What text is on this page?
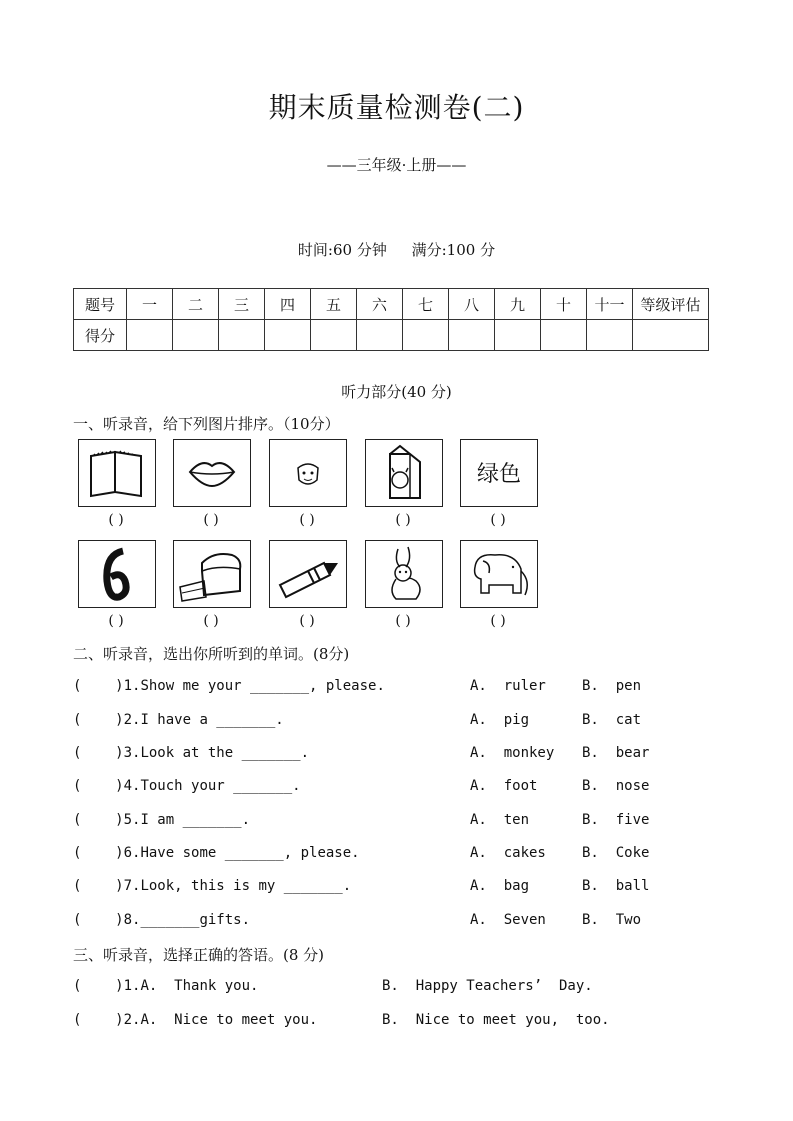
期末质量检测卷(二)
——三年级·上册——
时间:60 分钟 满分:100 分
题号	一	二	三	四	五	六	七	八	九	十	十一	等级评估
得分												
听力部分(40 分)
一、听录音，给下列图片排序。（10分）
绿色
( )	( )	( )	( )	( )
( )	( )	( )	( )	( )
二、听录音，选出你所听到的单词。(8分)
(    )1.Show me your _______, please.	A.  ruler	B.  pen
(    )2.I have a _______.	A.  pig	B.  cat
(    )3.Look at the _______.	A.  monkey B.  bear
(    )4.Touch your _______.	A.  foot	B.  nose
(    )5.I am _______.	A.  ten	B.  five
(    )6.Have some _______, please.	A.  cakes	B.  Coke
(    )7.Look, this is my _______.	A.  bag	B.  ball
(    )8._______gifts.	A.  Seven	B.  Two
三、听录音，选择正确的答语。(8 分)
(    )1.A.  Thank you.	B.  Happy Teachers’  Day.
(    )2.A.  Nice to meet you.	B.  Nice to meet you,  too.
